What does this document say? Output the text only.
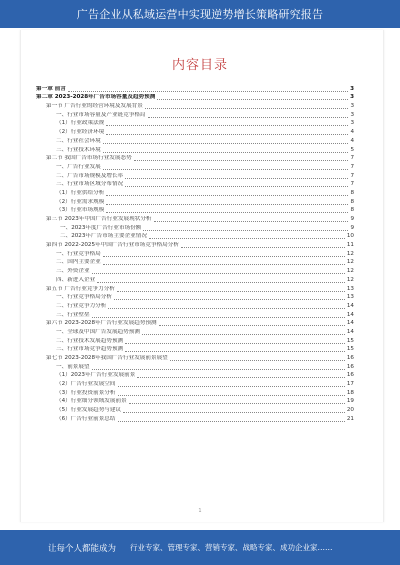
广告企业从私域运营中实现逆势增长策略研究报告
内容目录
第一章 前言	3
第二章 2023-2028年广告市场容量及趋势预测	3
第一节 广告行业的经营环境及发展背景	3
一、行业市场容量及产业链竞争格局	3
（1）行业政策法规	3
（2）行业经济环境	4
二、行业社会环境	4
三、行业技术环境	5
第二节 我国广告市场行业发展态势	7
一、广告行业发展	7
二、广告市场规模及增长率	7
三、行业市场区域分布情况	7
（1）行业供给分析	8
（2）行业需求规模	8
（3）行业市场规模	8
第三节 2023年中国广告行业发展现状分析	9
一、2023年度广告行业市场份额	9
二、2023年广告市场主要企业情况	10
第四节 2022-2025年中国广告行业市场竞争格局分析	11
一、行业竞争格局	12
二、国内主要企业	12
三、外资企业	12
四、新进入企业	12
第五节 广告行业竞争力分析	13
一、行业竞争格局分析	13
二、行业竞争力分析	14
三、行业壁垒	14
第六节 2023-2028年广告行业发展趋势预测	14
一、全球及中国广告发展趋势预测	14
二、行业技术发展趋势预测	15
三、行业市场竞争趋势预测	15
第七节 2023-2028年我国广告行业发展前景展望	16
一、前景展望	16
（1）2023年广告行业发展前景	16
（2）广告行业发展空间	17
（3）行业投资前景分析	18
（4）行业细分领域发展前景	19
（5）行业发展趋势与建议	20
（6）广告行业前景总结	21
1
让每个人都能成为 行业专家、管理专家、营销专家、战略专家、成功企业家……
